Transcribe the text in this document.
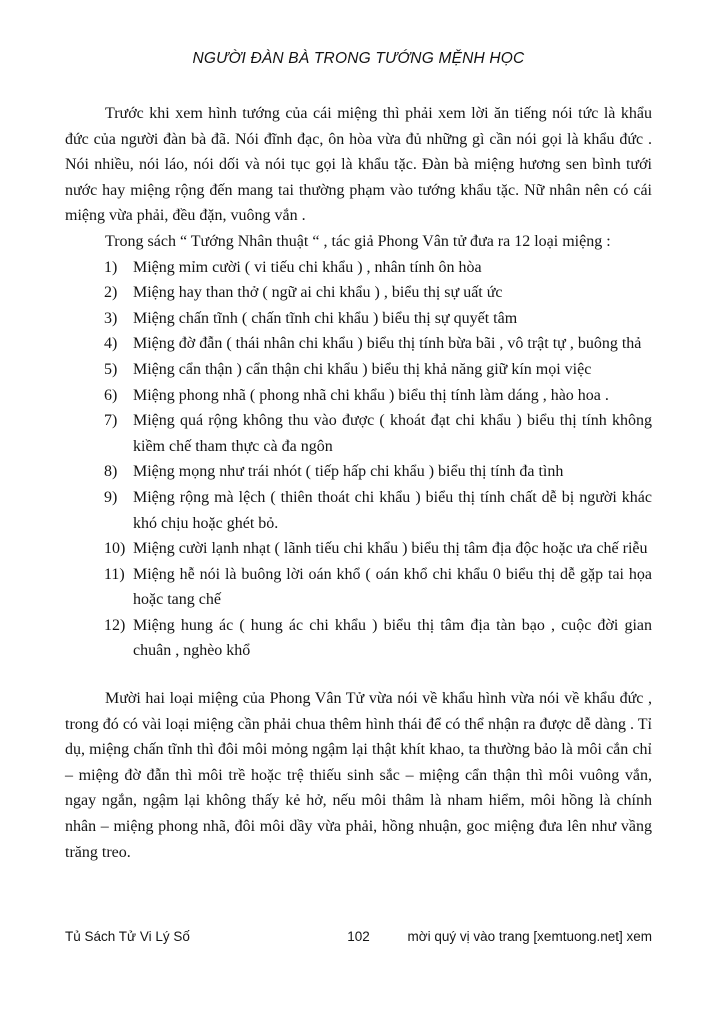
NGƯỜI ĐÀN BÀ TRONG TƯỚNG MỆNH HỌC

Trước khi xem hình tướng của cái miệng thì phải xem lời ăn tiếng nói tức là khẩu đức của người đàn bà đã. Nói đĩnh đạc, ôn hòa vừa đủ những gì cần nói gọi là khẩu đức . Nói nhiều, nói láo, nói dối và nói tục gọi là khẩu tặc. Đàn bà miệng hương sen bình tưới nước hay miệng rộng đến mang tai thường phạm vào tướng khẩu tặc. Nữ nhân nên có cái miệng vừa phải, đều đặn, vuông vắn .

Trong sách “ Tướng Nhân thuật “ , tác giả Phong Vân tử đưa ra 12 loại miệng :

1) Miệng mỉm cười ( vi tiếu chi khẩu ) , nhân tính ôn hòa
2) Miệng hay than thở ( ngữ ai chi khẩu ) , biểu thị sự uất ức
3) Miệng chấn tĩnh ( chấn tĩnh chi khẩu ) biểu thị sự quyết tâm
4) Miệng đờ đẫn ( thái nhân chi khẩu ) biểu thị tính bừa bãi , vô trật tự , buông thả
5) Miệng cẩn thận ) cẩn thận chi khẩu ) biểu thị khả năng giữ kín mọi việc
6) Miệng phong nhã ( phong nhã chi khẩu ) biểu thị tính làm dáng , hào hoa .
7) Miệng quá rộng không thu vào được ( khoát đạt chi khẩu ) biểu thị tính không kiềm chế tham thực cà đa ngôn
8) Miệng mọng như trái nhót ( tiếp hấp chi khẩu ) biểu thị tính đa tình
9) Miệng rộng mà lệch ( thiên thoát chi khẩu ) biểu thị tính chất dễ bị người khác khó chịu hoặc ghét bỏ.
10) Miệng cười lạnh nhạt ( lãnh tiếu chi khẩu ) biểu thị tâm địa độc hoặc ưa chế riễu
11) Miệng hễ nói là buông lời oán khổ ( oán khổ chi khẩu 0 biểu thị dễ gặp tai họa hoặc tang chế
12) Miệng hung ác ( hung ác chi khẩu ) biểu thị tâm địa tàn bạo , cuộc đời gian chuân , nghèo khổ

Mười hai loại miệng của Phong Vân Tử vừa nói về khẩu hình vừa nói về khẩu đức , trong đó có vài loại miệng cần phải chua thêm hình thái để có thể nhận ra được dễ dàng . Tỉ dụ, miệng chấn tĩnh thì đôi môi mỏng ngậm lại thật khít khao, ta thường bảo là môi cắn chỉ – miệng đờ đẫn thì môi trề hoặc trệ thiếu sinh sắc – miệng cẩn thận thì môi vuông vắn, ngay ngắn, ngậm lại không thấy kẻ hở, nếu môi thâm là nham hiểm, môi hồng là chính nhân – miệng phong nhã, đôi môi dầy vừa phải, hồng nhuận, goc miệng đưa lên như vầng trăng treo.

Tủ Sách Tử Vi Lý Số	102	mời quý vị vào trang [xemtuong.net] xem
